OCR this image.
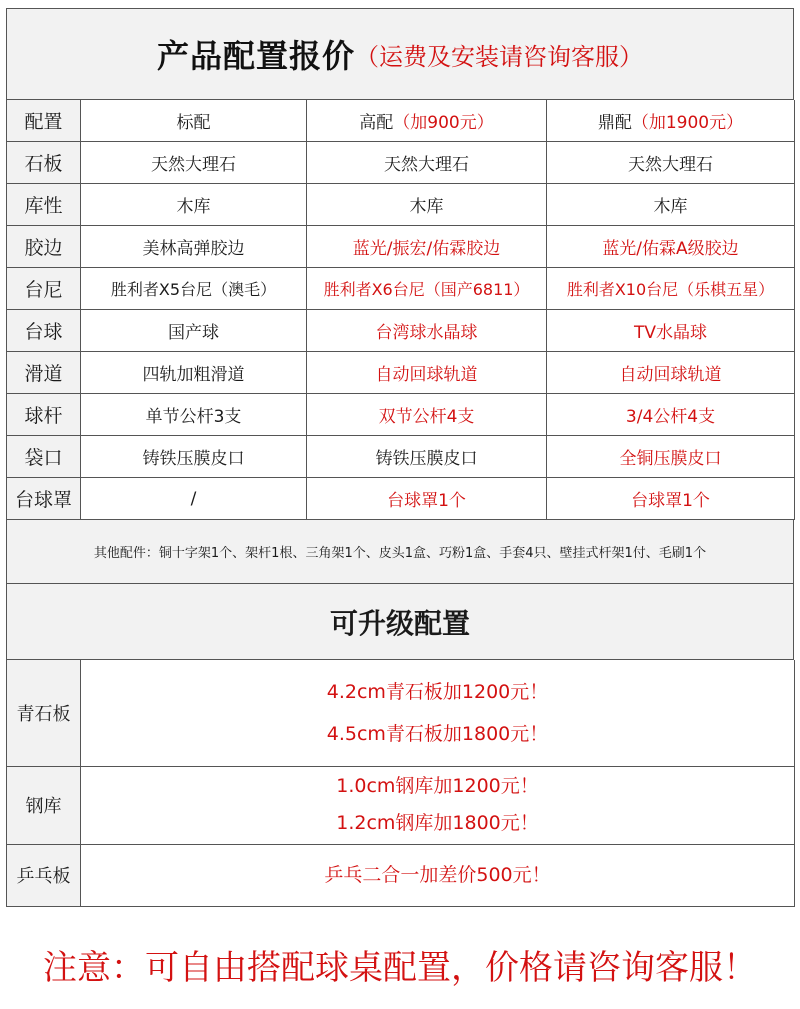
产品配置报价 （ 运费及安装请咨询客服 ）
配置	标配	高配（加900元）	鼎配（加1900元）
石板	天然大理石	天然大理石	天然大理石
库性	木库	木库	木库
胶边	美林高弹胶边	蓝光/振宏/佑霖胶边	蓝光/佑霖A级胶边
台尼	胜利者X5台尼（澳毛）	胜利者X6台尼（国产6811）	胜利者X10台尼（乐棋五星）
台球	国产球	台湾球水晶球	TV水晶球
滑道	四轨加粗滑道	自动回球轨道	自动回球轨道
球杆	单节公杆3支	双节公杆4支	3/4公杆4支
袋口	铸铁压膜皮口	铸铁压膜皮口	全铜压膜皮口
台球罩	/	台球罩1个	台球罩1个
其他配件：铜十字架1个、架杆1根、三角架1个、皮头1盒、巧粉1盒、手套4只、壁挂式杆架1付、毛刷1个
可升级配置
青石板	4.2cm青石板加1200元！
4.5cm青石板加1800元！

钢库	1.0cm钢库加1200元！
1.2cm钢库加1800元！

乒乓板	乒乓二合一加差价500元！
注意：可自由搭配球桌配置，价格请咨询客服！
